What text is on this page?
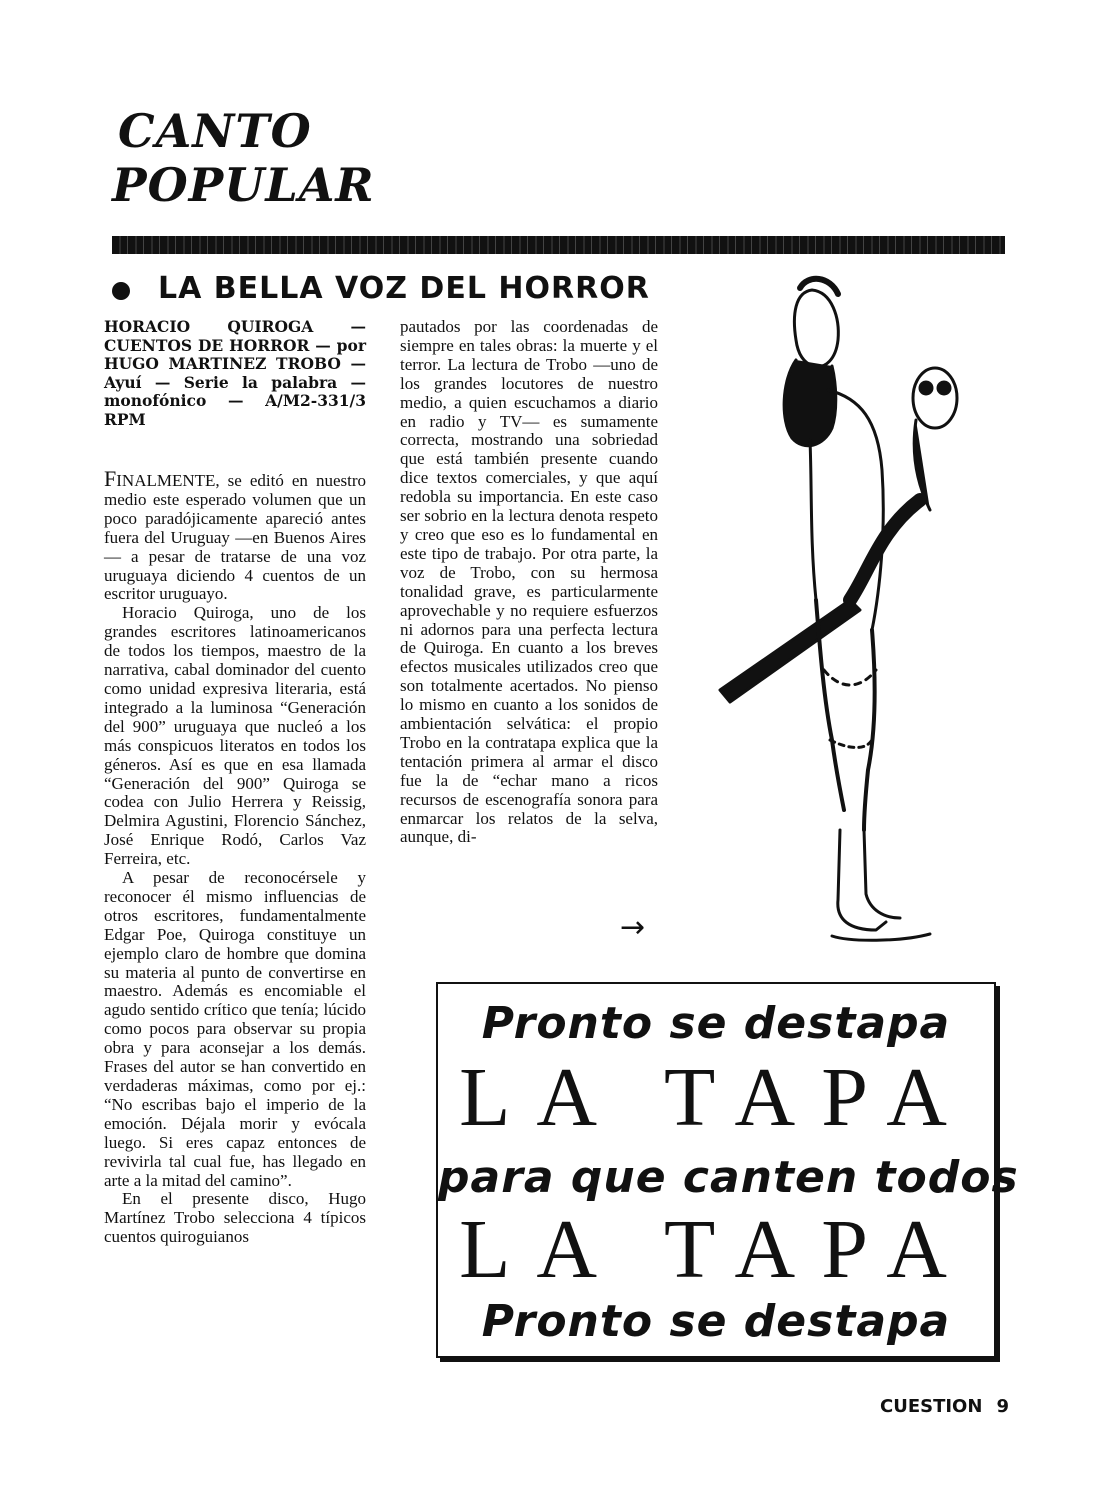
CANTO
POPULAR
LA BELLA VOZ DEL HORROR
HORACIO QUIROGA — CUENTOS DE HORROR — por HUGO MARTINEZ TROBO — Ayuí — Serie la palabra — monofónico — A/M2-331/3 RPM

FINALMENTE, se editó en nuestro medio este esperado volumen que un poco paradójicamente apareció antes fuera del Uruguay —en Buenos Aires— a pesar de tratarse de una voz uruguaya diciendo 4 cuentos de un escritor uruguayo.

Horacio Quiroga, uno de los grandes escritores latinoamericanos de todos los tiempos, maestro de la narrativa, cabal dominador del cuento como unidad expresiva literaria, está integrado a la luminosa “Generación del 900” uruguaya que nucleó a los más conspicuos literatos en todos los géneros. Así es que en esa llamada “Generación del 900” Quiroga se codea con Julio Herrera y Reissig, Delmira Agustini, Florencio Sánchez, José Enrique Rodó, Carlos Vaz Ferreira, etc.

A pesar de reconocérsele y reconocer él mismo influencias de otros escritores, fundamentalmente Edgar Poe, Quiroga constituye un ejemplo claro de hombre que domina su materia al punto de convertirse en maestro. Además es encomiable el agudo sentido crítico que tenía; lúcido como pocos para observar su propia obra y para aconsejar a los demás. Frases del autor se han convertido en verdaderas máximas, como por ej.: “No escribas bajo el imperio de la emoción. Déjala morir y evócala luego. Si eres capaz entonces de revivirla tal cual fue, has llegado en arte a la mitad del camino”.

En el presente disco, Hugo Martínez Trobo selecciona 4 típicos cuentos quiroguianos

pautados por las coordenadas de siempre en tales obras: la muerte y el terror. La lectura de Trobo —uno de los grandes locutores de nuestro medio, a quien escuchamos a diario en radio y TV— es sumamente correcta, mostrando una sobriedad que está también presente cuando dice textos comerciales, y que aquí redobla su importancia. En este caso ser sobrio en la lectura denota respeto y creo que eso es lo fundamental en este tipo de trabajo. Por otra parte, la voz de Trobo, con su hermosa tonalidad grave, es particularmente aprovechable y no requiere esfuerzos ni adornos para una perfecta lectura de Quiroga. En cuanto a los breves efectos musicales utilizados creo que son totalmente acertados. No pienso lo mismo en cuanto a los sonidos de ambientación selvática: el propio Trobo en la contratapa explica que la tentación primera al armar el disco fue la de “echar mano a ricos recursos de escenografía sonora para enmarcar los relatos de la selva, aunque, di-

→
Pronto se destapa
LA TAPA
para que canten todos
LA TAPA
Pronto se destapa
CUESTION 9
